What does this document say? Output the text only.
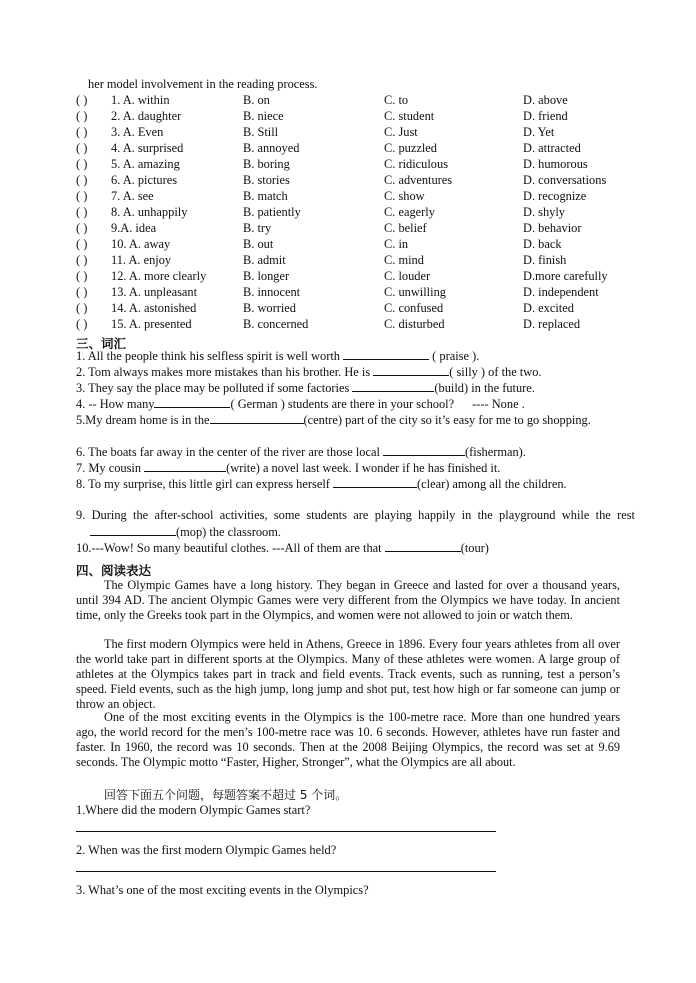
her model involvement in the reading process.
( ) 1. A. within	B. on	C. to	D. above
( ) 2. A. daughter	B. niece	C. student	D. friend
( ) 3. A. Even	B. Still	C. Just	D. Yet
( ) 4. A. surprised	B. annoyed	C. puzzled	D. attracted
( ) 5. A. amazing	B. boring	C. ridiculous	D. humorous
( ) 6. A. pictures	B. stories	C. adventures	D. conversations
( ) 7. A. see	B. match	C. show	D. recognize
( ) 8. A. unhappily	B. patiently	C. eagerly	D. shyly
( ) 9.A. idea	B. try	C. belief	D. behavior
( ) 10. A. away	B. out	C. in	D. back
( ) 11. A. enjoy	B. admit	C. mind	D. finish
( ) 12. A. more clearly	B. longer	C. louder	D.more carefully
( ) 13. A. unpleasant	B. innocent	C. unwilling	D. independent
( ) 14. A. astonished	B. worried	C. confused	D. excited
( ) 15. A. presented	B. concerned	C. disturbed	D. replaced
三、词汇
1. All the people think his selfless spirit is well worth	( praise ).
2. Tom always makes more mistakes than his brother. He is	( silly ) of the two.
3. They say the place may be polluted if some factories	(build) in the future.
4. -- How many	( German ) students are there in your school? ---- None .
5.My dream home is in the	(centre) part of the city so it’s easy for me to go shopping.
6. The boats far away in the center of the river are those local	(fisherman).
7. My cousin	(write) a novel last week. I wonder if he has finished it.
8. To my surprise, this little girl can express herself	(clear) among all the children.
9. During the after-school activities, some students are playing happily in the playground while the rest(mop) the classroom.
10.---Wow! So many beautiful clothes. ---All of them are that	(tour)
四、阅读表达
The Olympic Games have a long history. They began in Greece and lasted for over a thousand years, until 394 AD. The ancient Olympic Games were very different from the Olympics we have today. In ancient time, only the Greeks took part in the Olympics, and women were not allowed to join or watch them.
The first modern Olympics were held in Athens, Greece in 1896. Every four years athletes from all over the world take part in different sports at the Olympics. Many of these athletes were women. A large group of athletes at the Olympics takes part in track and field events. Track events, such as running, test a person’s speed. Field events, such as the high jump, long jump and shot put, test how high or far someone can jump or throw an object.
One of the most exciting events in the Olympics is the 100-metre race. More than one hundred years ago, the world record for the men’s 100-metre race was 10. 6 seconds. However, athletes have run faster and faster. In 1960, the record was 10 seconds. Then at the 2008 Beijing Olympics, the record was set at 9.69 seconds. The Olympic motto “Faster, Higher, Stronger”, what the Olympics are all about.
回答下面五个问题，每题答案不超过 5 个词。
1.Where did the modern Olympic Games start?
2. When was the first modern Olympic Games held?
3. What’s one of the most exciting events in the Olympics?
